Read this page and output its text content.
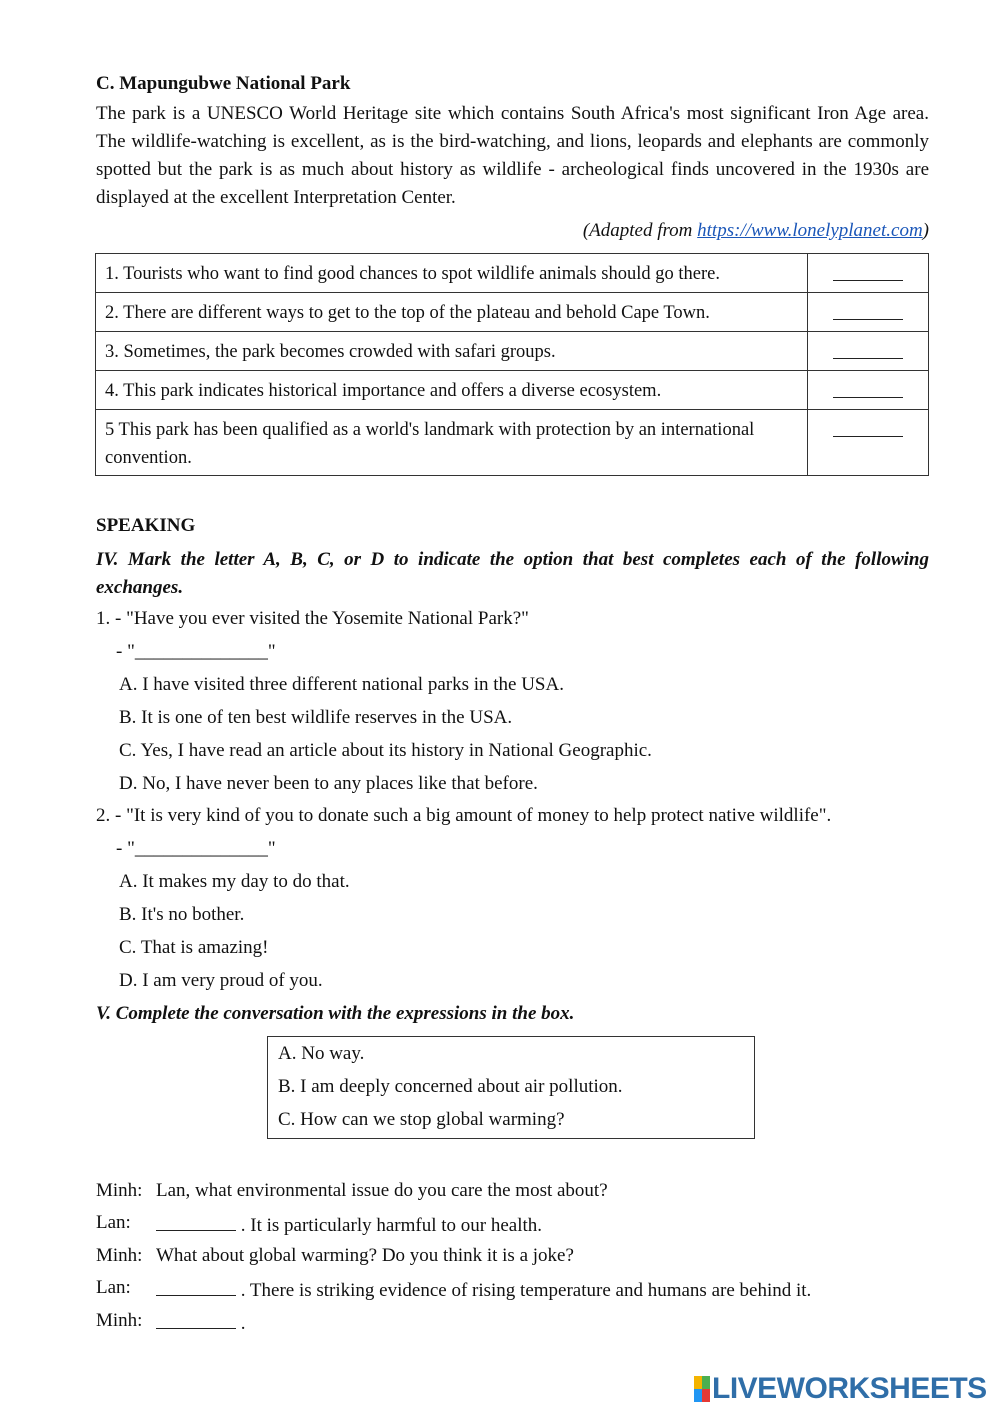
C. Mapungubwe National Park
The park is a UNESCO World Heritage site which contains South Africa's most significant Iron Age area. The wildlife-watching is excellent, as is the bird-watching, and lions, leopards and elephants are commonly spotted but the park is as much about history as wildlife - archeological finds uncovered in the 1930s are displayed at the excellent Interpretation Center.
(Adapted from https://www.lonelyplanet.com)
1. Tourists who want to find good chances to spot wildlife animals should go there.	
2. There are different ways to get to the top of the plateau and behold Cape Town.	
3. Sometimes, the park becomes crowded with safari groups.	
4. This park indicates historical importance and offers a diverse ecosystem.	
5 This park has been qualified as a world's landmark with protection by an international convention.	
SPEAKING
IV. Mark the letter A, B, C, or D to indicate the option that best completes each of the following exchanges.
1. - "Have you ever visited the Yosemite National Park?"
- "______________"
A. I have visited three different national parks in the USA.
B. It is one of ten best wildlife reserves in the USA.
C. Yes, I have read an article about its history in National Geographic.
D. No, I have never been to any places like that before.
2. - "It is very kind of you to donate such a big amount of money to help protect native wildlife".
- "______________"
A. It makes my day to do that.
B. It's no bother.
C. That is amazing!
D. I am very proud of you.
V. Complete the conversation with the expressions in the box.
A. No way.
B. I am deeply concerned about air pollution.
C. How can we stop global warming?
Minh: Lan, what environmental issue do you care the most about?
Lan:	. It is particularly harmful to our health.
Minh: What about global warming? Do you think it is a joke?
Lan:	. There is striking evidence of rising temperature and humans are behind it.
Minh:	.
LIVEWORKSHEETS
